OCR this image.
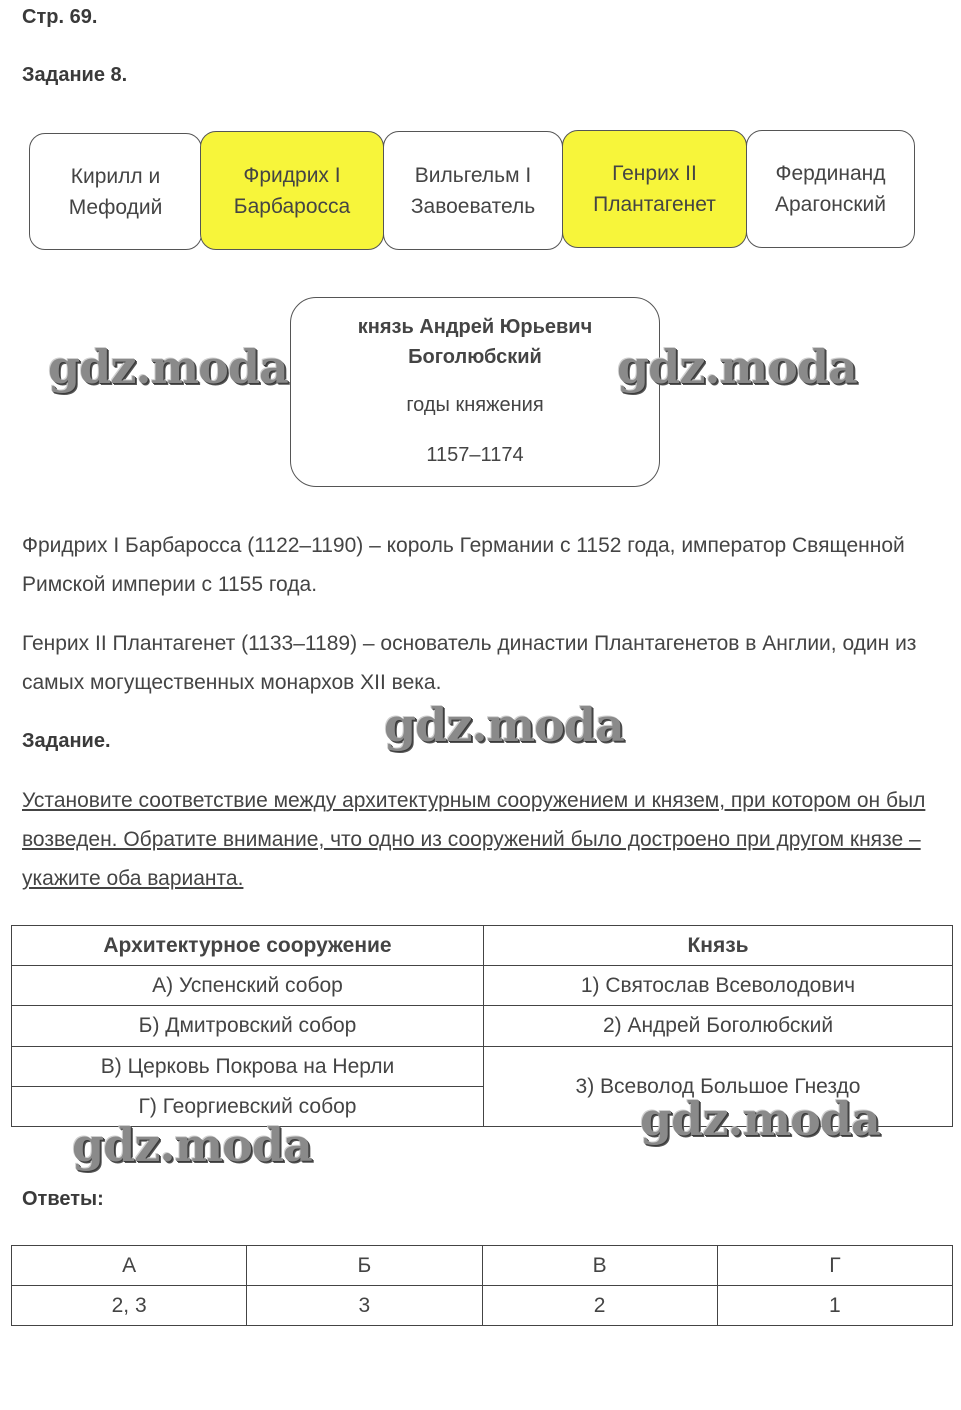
Стр. 69.
Задание 8.
Кирилл и
Мефодий
Фридрих I
Барбаросса
Вильгельм I
Завоеватель
Генрих II
Плантагенет
Фердинанд
Арагонский
князь Андрей Юрьевич
Боголюбский
годы княжения
1157–1174
Фридрих I Барбаросса (1122–1190) – король Германии с 1152 года, император Священной Римской империи с 1155 года.
Генрих II Плантагенет (1133–1189) – основатель династии Плантагенетов в Англии, один из самых могущественных монархов XII века.
Задание.
Установите соответствие между архитектурным сооружением и князем, при котором он был возведен. Обратите внимание, что одно из сооружений было достроено при другом князе – укажите оба варианта.
Архитектурное сооружение	Князь
А) Успенский собор	1) Святослав Всеволодович
Б) Дмитровский собор	2) Андрей Боголюбский
В) Церковь Покрова на Нерли	3) Всеволод Большое Гнездо
Г) Георгиевский собор	
Ответы:
А	Б	В	Г
2, 3	3	2	1
gdz.moda	gdz.moda
gdz.moda
gdz.moda
gdz.moda
